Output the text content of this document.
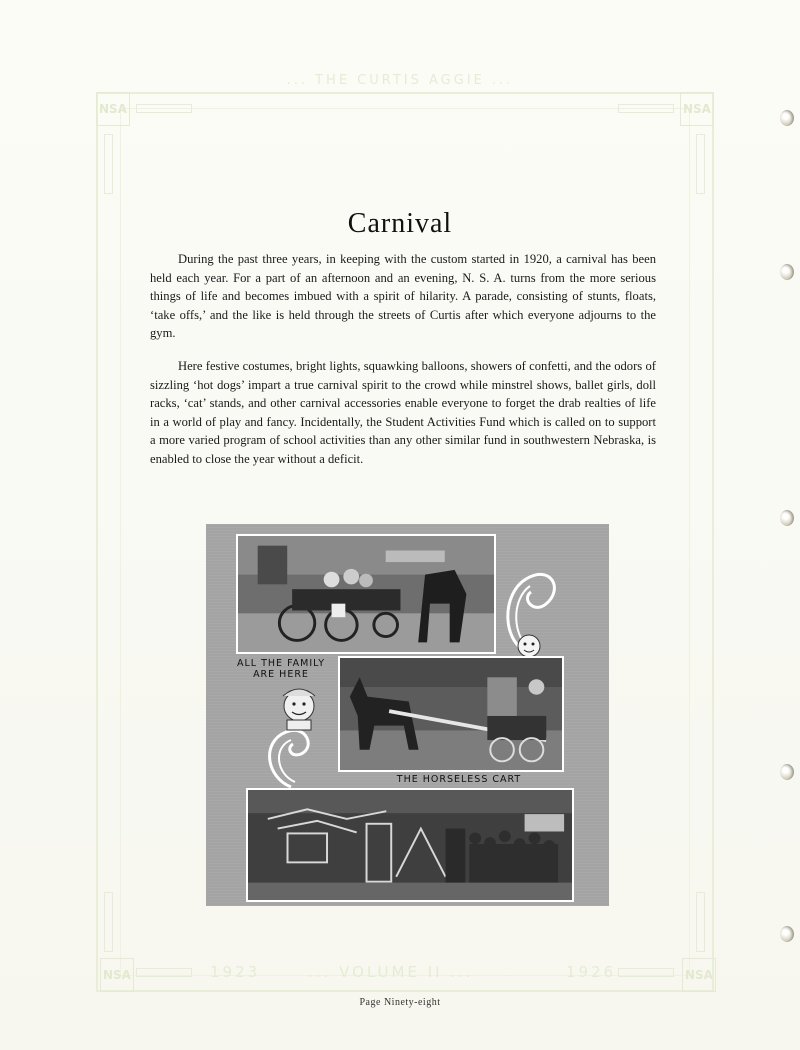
... THE CURTIS AGGIE ...
NSA	NSA
NSA	NSA
1923	... VOLUME II ...	1926
Carnival

During the past three years, in keeping with the custom started in 1920, a carnival has been held each year. For a part of an afternoon and an evening, N. S. A. turns from the more serious things of life and becomes imbued with a spirit of hilarity. A parade, consisting of stunts, floats, ‘take offs,’ and the like is held through the streets of Curtis after which everyone adjourns to the gym.

Here festive costumes, bright lights, squawking balloons, showers of confetti, and the odors of sizzling ‘hot dogs’ impart a true carnival spirit to the crowd while minstrel shows, ballet girls, doll racks, ‘cat’ stands, and other carnival accessories enable everyone to forget the drab realties of life in a world of play and fancy. Incidentally, the Student Activities Fund which is called on to support a more varied program of school activities than any other similar fund in southwestern Nebraska, is enabled to close the year without a deficit.

ALL THE FAMILY ARE HERE
THE HORSELESS CART
Page Ninety-eight
